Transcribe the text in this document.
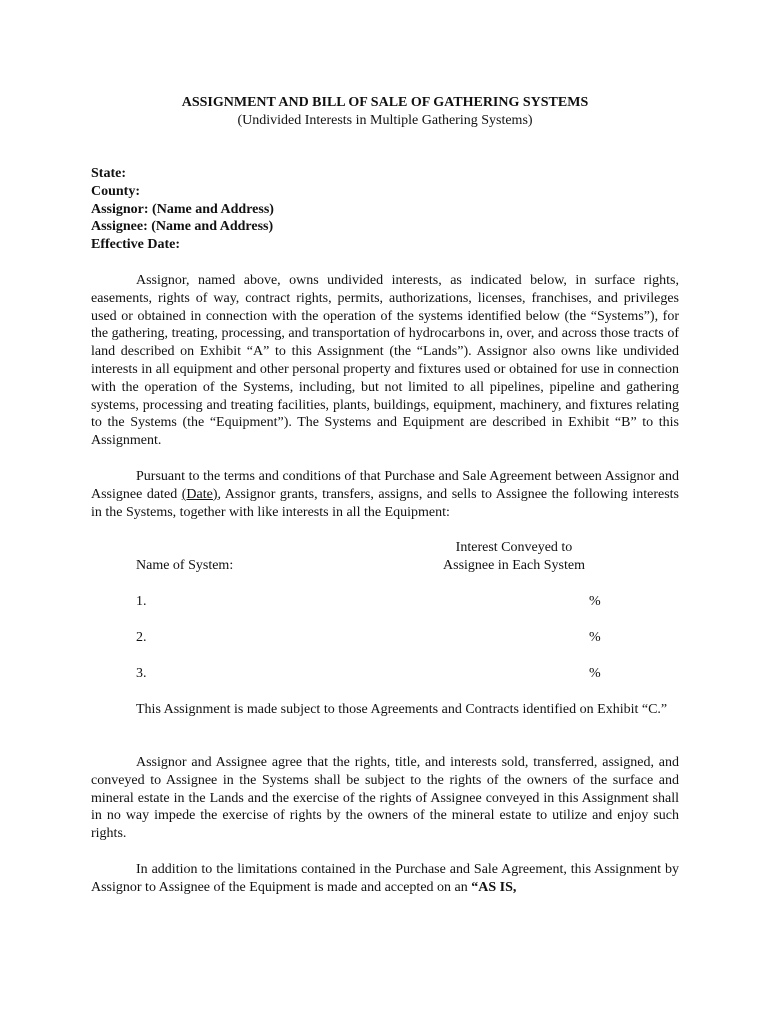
ASSIGNMENT AND BILL OF SALE OF GATHERING SYSTEMS
(Undivided Interests in Multiple Gathering Systems)
State:
County:
Assignor: (Name and Address)
Assignee: (Name and Address)
Effective Date:

Assignor, named above, owns undivided interests, as indicated below, in surface rights, easements, rights of way, contract rights, permits, authorizations, licenses, franchises, and privileges used or obtained in connection with the operation of the systems identified below (the “Systems”), for the gathering, treating, processing, and transportation of hydrocarbons in, over, and across those tracts of land described on Exhibit “A” to this Assignment (the “Lands”). Assignor also owns like undivided interests in all equipment and other personal property and fixtures used or obtained for use in connection with the operation of the Systems, including, but not limited to all pipelines, pipeline and gathering systems, processing and treating facilities, plants, buildings, equipment, machinery, and fixtures relating to the Systems (the “Equipment”). The Systems and Equipment are described in Exhibit “B” to this Assignment.

Pursuant to the terms and conditions of that Purchase and Sale Agreement between Assignor and Assignee dated (Date), Assignor grants, transfers, assigns, and sells to Assignee the following interests in the Systems, together with like interests in all the Equipment:

Name of System:
Interest Conveyed to
Assignee in Each System
1.	%
2.	%
3.	%

This Assignment is made subject to those Agreements and Contracts identified on Exhibit “C.”

Assignor and Assignee agree that the rights, title, and interests sold, transferred, assigned, and conveyed to Assignee in the Systems shall be subject to the rights of the owners of the surface and mineral estate in the Lands and the exercise of the rights of Assignee conveyed in this Assignment shall in no way impede the exercise of rights by the owners of the mineral estate to utilize and enjoy such rights.

In addition to the limitations contained in the Purchase and Sale Agreement, this Assignment by Assignor to Assignee of the Equipment is made and accepted on an “AS IS,
